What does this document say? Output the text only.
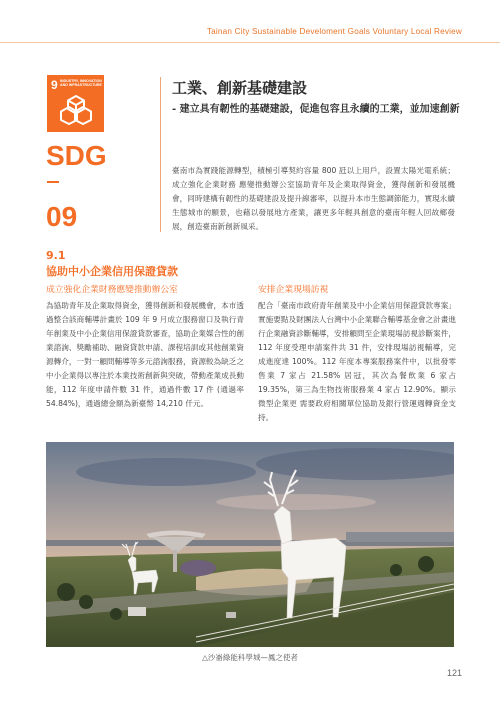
Tainan City Sustainable Develoment Goals Voluntary Local Review
9 INDUSTRY, INNOVATION AND INFRASTRUCTURE
SDG
09
工業、創新基礎建設
- 建立具有韌性的基礎建設，促進包容且永續的工業，並加速創新
臺南市為實踐能源轉型，積極引導契約容量 800 瓩以上用戶，設置太陽光電系統；成立強化企業財務 應變推動辦公室協助青年及企業取得資金，獲得創新和發展機會，同時建構有韌性的基礎建設及提升線審率，以提升本市生態調節能力，實現永續生態城市的願景，也藉以發展地方產業，讓更多年輕具創意的臺南年輕人回故鄉發展，創造臺南新創新風采。
9.1
協助中小企業信用保證貸款
成立強化企業財務應變推動辦公室	安排企業現場訪視
為協助青年及企業取得資金，獲得創新和發展機會，本市透過整合該商輔導計畫於 109 年 9 月成立服務窗口及執行青年創業及中小企業信用保證貸款審查，協助企業媒合性的創業諮詢、獎勵補助、融資貸款申請、課程培訓或其他創業資源轉介，一對一顧問輔導等多元諮詢服務，資源較為缺乏之中小企業得以專注於本業技術創新與突破，帶動產業成長動能，112 年度申請件數 31 件，通過件數 17 件 (通過率 54.84%)，通過總金額為新臺幣 14,210 仟元。
配合「臺南市政府青年創業及中小企業信用保證貸款專案」實施要點及財團法人台灣中小企業聯合輔導基金會之計畫進行企業融資診斷輔導，安排顧問至企業現場訪視診斷案件，112 年度受理申請案件共 31 件，安排現場訪視輔導，完成進度達 100%。112 年度本專案服務案件中，以批發零售業 7 家占 21.58% 居冠，其次為餐飲業 6 家占 19.35%，第三為生物技術服務業 4 家占 12.90%。顯示微型企業更 需要政府相關單位協助及銀行營運週轉資金支持。
△沙崙綠能科學城—鳳之使者
121
